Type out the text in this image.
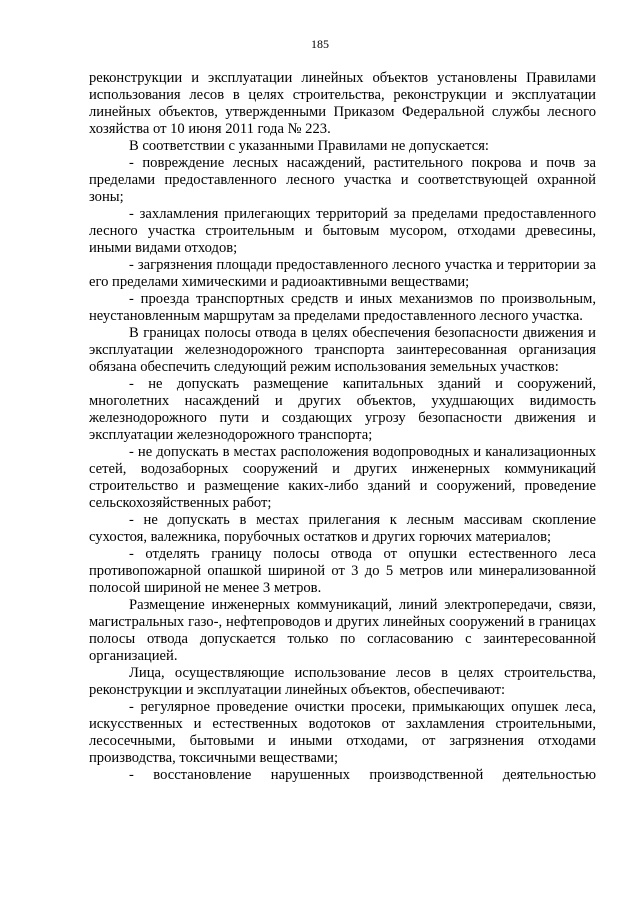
185

реконструкции и эксплуатации линейных объектов установлены Правилами использования лесов в целях строительства, реконструкции и эксплуатации линейных объектов, утвержденными Приказом Федеральной службы лесного хозяйства от 10 июня 2011 года № 223.

В соответствии с указанными Правилами не допускается:

- повреждение лесных насаждений, растительного покрова и почв за пределами предоставленного лесного участка и соответствующей охранной зоны;

- захламления прилегающих территорий за пределами предоставленного лесного участка строительным и бытовым мусором, отходами древесины, иными видами отходов;

- загрязнения площади предоставленного лесного участка и территории за его пределами химическими и радиоактивными веществами;

- проезда транспортных средств и иных механизмов по произвольным, неустановленным маршрутам за пределами предоставленного лесного участка.

В границах полосы отвода в целях обеспечения безопасности движения и эксплуатации железнодорожного транспорта заинтересованная организация обязана обеспечить следующий режим использования земельных участков:

- не допускать размещение капитальных зданий и сооружений, многолетних насаждений и других объектов, ухудшающих видимость железнодорожного пути и создающих угрозу безопасности движения и эксплуатации железнодорожного транспорта;

- не допускать в местах расположения водопроводных и канализационных сетей, водозаборных сооружений и других инженерных коммуникаций строительство и размещение каких-либо зданий и сооружений, проведение сельскохозяйственных работ;

- не допускать в местах прилегания к лесным массивам скопление сухостоя, валежника, порубочных остатков и других горючих материалов;

- отделять границу полосы отвода от опушки естественного леса противопожарной опашкой шириной от 3 до 5 метров или минерализованной полосой шириной не менее 3 метров.

Размещение инженерных коммуникаций, линий электропередачи, связи, магистральных газо-, нефтепроводов и других линейных сооружений в границах полосы отвода допускается только по согласованию с заинтересованной организацией.

Лица, осуществляющие использование лесов в целях строительства, реконструкции и эксплуатации линейных объектов, обеспечивают:

- регулярное проведение очистки просеки, примыкающих опушек леса, искусственных и естественных водотоков от захламления строительными, лесосечными, бытовыми и иными отходами, от загрязнения отходами производства, токсичными веществами;

- восстановление нарушенных производственной деятельностью
